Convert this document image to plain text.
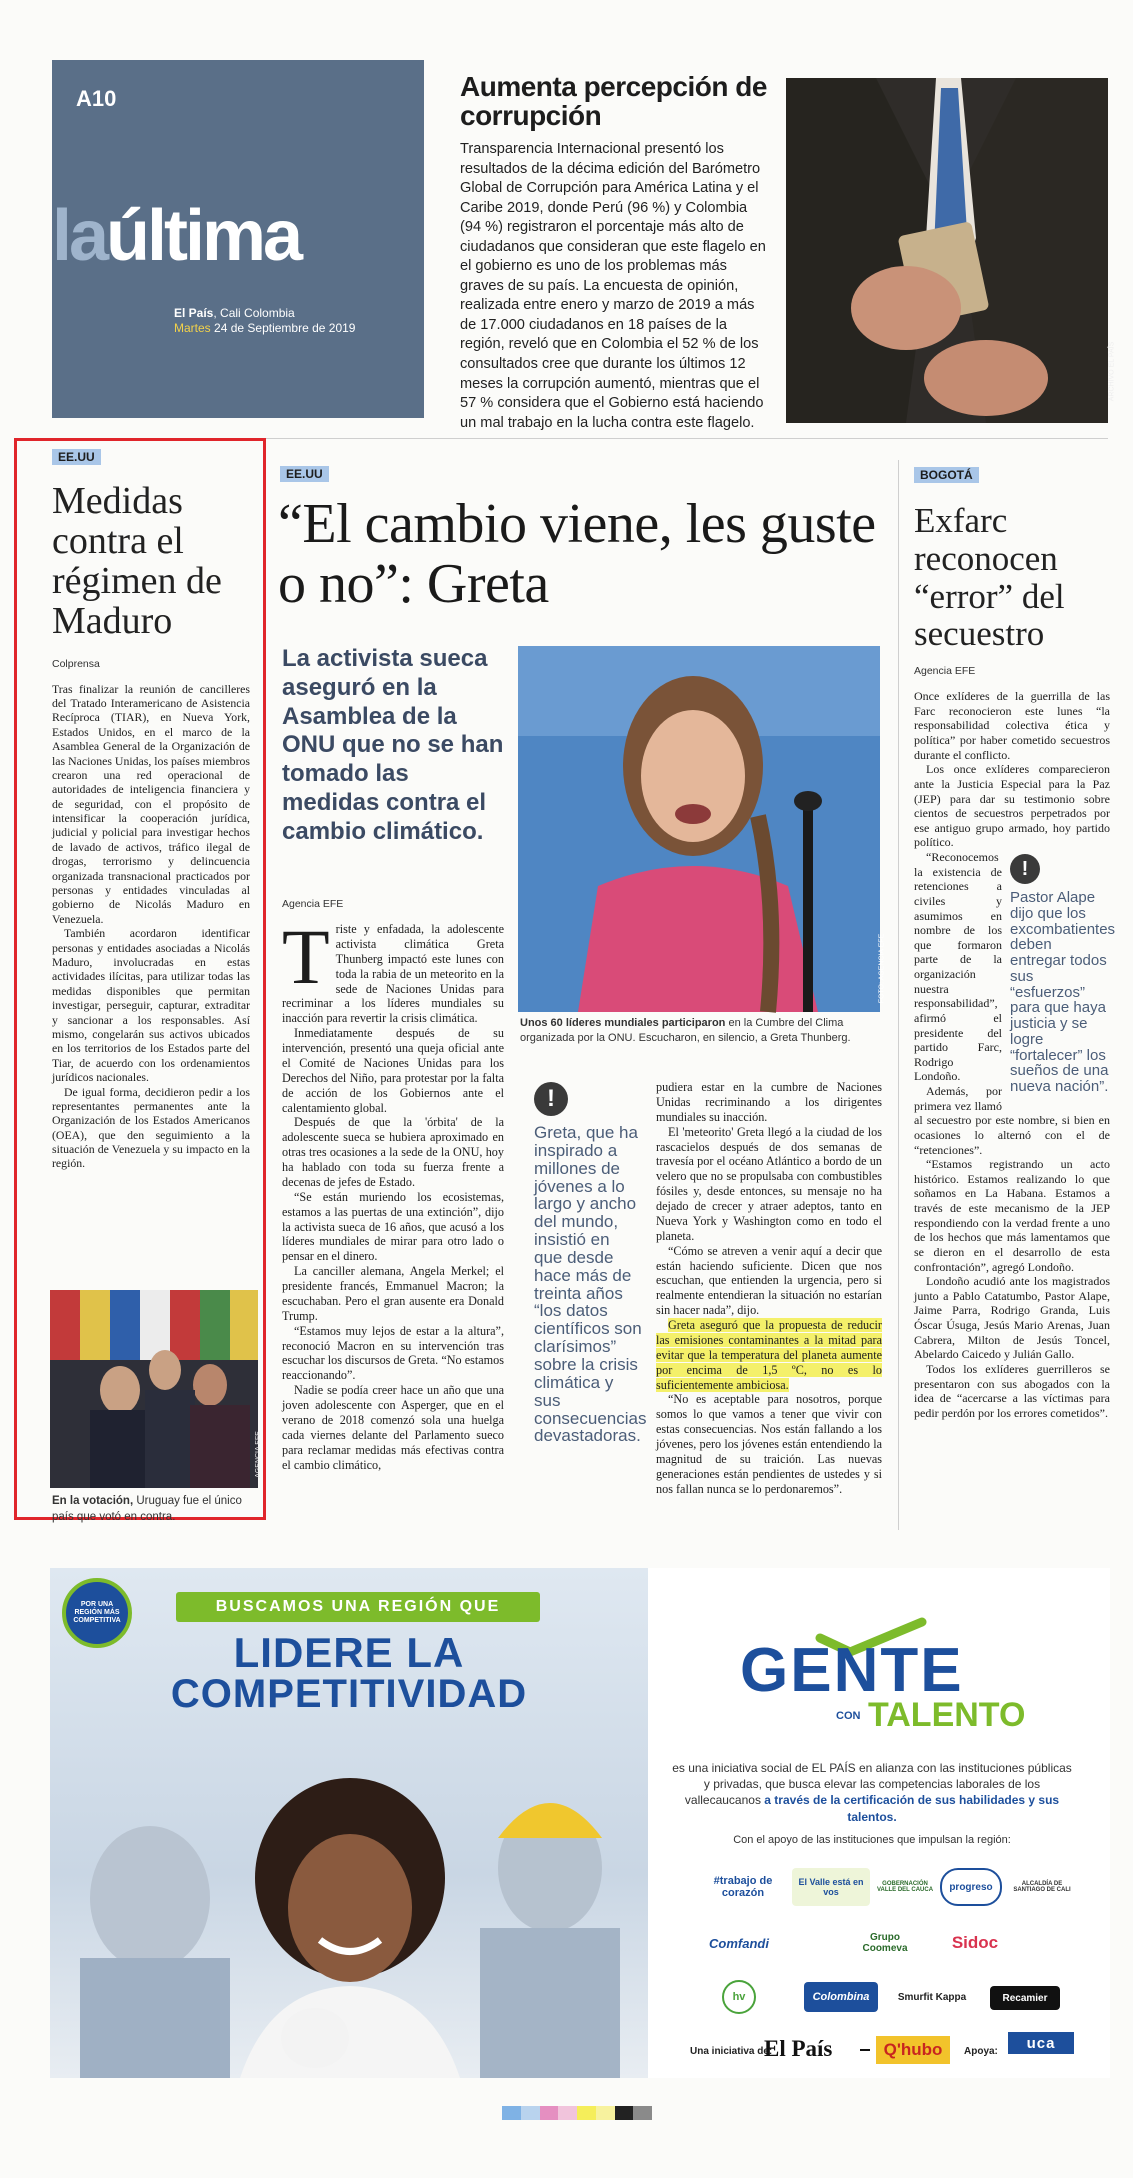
A10
laúltima
El País, Cali Colombia
Martes 24 de Septiembre de 2019
Aumenta percepción de corrupción
Transparencia Internacional presentó los resultados de la décima edición del Barómetro Global de Corrupción para América Latina y el Caribe 2019, donde Perú (96 %) y Colombia (94 %) registraron el porcentaje más alto de ciudadanos que consideran que este flagelo en el gobierno es uno de los problemas más graves de su país. La encuesta de opinión, realizada entre enero y marzo de 2019 a más de 17.000 ciudadanos en 18 países de la región, reveló que en Colombia el 52 % de los consultados cree que durante los últimos 12 meses la corrupción aumentó, mientras que el 57 % considera que el Gobierno está haciendo un mal trabajo en la lucha contra este flagelo.
ARCHIVO EL PAÍS
EE.UU
Medidas contra el régimen de Maduro
Colprensa

Tras finalizar la reunión de cancilleres del Tratado Interamericano de Asistencia Recíproca (TIAR), en Nueva York, Estados Unidos, en el marco de la Asamblea General de la Organización de las Naciones Unidas, los países miembros crearon una red operacional de autoridades de inteligencia financiera y de seguridad, con el propósito de intensificar la cooperación jurídica, judicial y policial para investigar hechos de lavado de activos, tráfico ilegal de drogas, terrorismo y delincuencia organizada transnacional practicados por personas y entidades vinculadas al gobierno de Nicolás Maduro en Venezuela.

También acordaron identificar personas y entidades asociadas a Nicolás Maduro, involucradas en estas actividades ilícitas, para utilizar todas las medidas disponibles que permitan investigar, perseguir, capturar, extraditar y sancionar a los responsables. Así mismo, congelarán sus activos ubicados en los territorios de los Estados parte del Tiar, de acuerdo con los ordenamientos jurídicos nacionales.

De igual forma, decidieron pedir a los representantes permanentes ante la Organización de los Estados Americanos (OEA), que den seguimiento a la situación de Venezuela y su impacto en la región.

AGENCIA EFE
En la votación, Uruguay fue el único país que votó en contra.
EE.UU
“El cambio viene, les guste o no”: Greta
La activista sueca aseguró en la Asamblea de la ONU que no se han tomado las medidas contra el cambio climático.
Agencia EFE
FOTO: AGENCIA EFE
Unos 60 líderes mundiales participaron en la Cumbre del Clima organizada por la ONU. Escucharon, en silencio, a Greta Thunberg.
T riste y enfadada, la adolescente activista climática Greta Thunberg impactó este lunes con toda la rabia de un meteorito en la sede de Naciones Unidas para recriminar a los líderes mundiales su inacción para revertir la crisis climática.

Inmediatamente después de su intervención, presentó una queja oficial ante el Comité de Naciones Unidas para los Derechos del Niño, para protestar por la falta de acción de los Gobiernos ante el calentamiento global.

Después de que la 'órbita' de la adolescente sueca se hubiera aproximado en otras tres ocasiones a la sede de la ONU, hoy ha hablado con toda su fuerza frente a decenas de jefes de Estado.

“Se están muriendo los ecosistemas, estamos a las puertas de una extinción”, dijo la activista sueca de 16 años, que acusó a los líderes mundiales de mirar para otro lado o pensar en el dinero.

La canciller alemana, Angela Merkel; el presidente francés, Emmanuel Macron; la escuchaban. Pero el gran ausente era Donald Trump.

“Estamos muy lejos de estar a la altura”, reconoció Macron en su intervención tras escuchar los discursos de Greta. “No estamos reaccionando”.

Nadie se podía creer hace un año que una joven adolescente con Asperger, que en el verano de 2018 comenzó sola una huelga cada viernes delante del Parlamento sueco para reclamar medidas más efectivas contra el cambio climático,

!
Greta, que ha inspirado a millones de jóvenes a lo largo y ancho del mundo, insistió en que desde hace más de treinta años “los datos científicos son clarísimos” sobre la crisis climática y sus consecuencias devastadoras.

pudiera estar en la cumbre de Naciones Unidas recriminando a los dirigentes mundiales su inacción.

El 'meteorito' Greta llegó a la ciudad de los rascacielos después de dos semanas de travesía por el océano Atlántico a bordo de un velero que no se propulsaba con combustibles fósiles y, desde entonces, su mensaje no ha dejado de crecer y atraer adeptos, tanto en Nueva York y Washington como en todo el planeta.

“Cómo se atreven a venir aquí a decir que están haciendo suficiente. Dicen que nos escuchan, que entienden la urgencia, pero si realmente entendieran la situación no estarían sin hacer nada”, dijo.

Greta aseguró que la propuesta de reducir las emisiones contaminantes a la mitad para evitar que la temperatura del planeta aumente por encima de 1,5 ºC, no es lo suficientemente ambiciosa.

“No es aceptable para nosotros, porque somos lo que vamos a tener que vivir con estas consecuencias. Nos están fallando a los jóvenes, pero los jóvenes están entendiendo la magnitud de su traición. Las nuevas generaciones están pendientes de ustedes y si nos fallan nunca se lo perdonaremos”.

BOGOTÁ
Exfarc reconocen “error” del secuestro
Agencia EFE

Once exlíderes de la guerrilla de las Farc reconocieron este lunes “la responsabilidad colectiva ética y política” por haber cometido secuestros durante el conflicto.

Los once exlíderes comparecieron ante la Justicia Especial para la Paz (JEP) para dar su testimonio sobre cientos de secuestros perpetrados por ese antiguo grupo armado, hoy partido político.

!
Pastor Alape dijo que los excombatientes deben entregar todos sus “esfuerzos” para que haya justicia y se logre “fortalecer” los sueños de una nueva nación”.

“Reconocemos la existencia de retenciones a civiles y asumimos en nombre de los que formaron parte de la organización nuestra responsabilidad”, afirmó el presidente del partido Farc, Rodrigo Londoño.

Además, por primera vez llamó al secuestro por este nombre, si bien en ocasiones lo alternó con el de “retenciones”.

“Estamos registrando un acto histórico. Estamos realizando lo que soñamos en La Habana. Estamos a través de este mecanismo de la JEP respondiendo con la verdad frente a uno de los hechos que más lamentamos que se dieron en el desarrollo de esta confrontación”, agregó Londoño.

Londoño acudió ante los magistrados junto a Pablo Catatumbo, Pastor Alape, Jaime Parra, Rodrigo Granda, Luis Óscar Úsuga, Jesús Mario Arenas, Juan Cabrera, Milton de Jesús Toncel, Abelardo Caicedo y Julián Gallo.

Todos los exlíderes guerrilleros se presentaron con sus abogados con la idea de “acercarse a las víctimas para pedir perdón por los errores cometidos”.

POR UNA REGIÓN MÁS COMPETITIVA
BUSCAMOS UNA REGIÓN QUE
LIDERE LA
COMPETITIVIDAD	GENTE
CON TALENTO
es una iniciativa social de EL PAÍS en alianza con las instituciones públicas y privadas, que busca elevar las competencias laborales de los vallecaucanos a través de la certificación de sus habilidades y sus talentos.
Con el apoyo de las instituciones que impulsan la región:
#trabajo de corazón
El Valle está en vos
GOBERNACIÓN VALLE DEL CAUCA	progreso	ALCALDÍA DE SANTIAGO DE CALI
Comfandi	Grupo Coomeva	Sidoc
hv	Colombina	Smurfit Kappa	Recamier
Una iniciativa de:
El País	Q'hubo	Apoya:	uca
